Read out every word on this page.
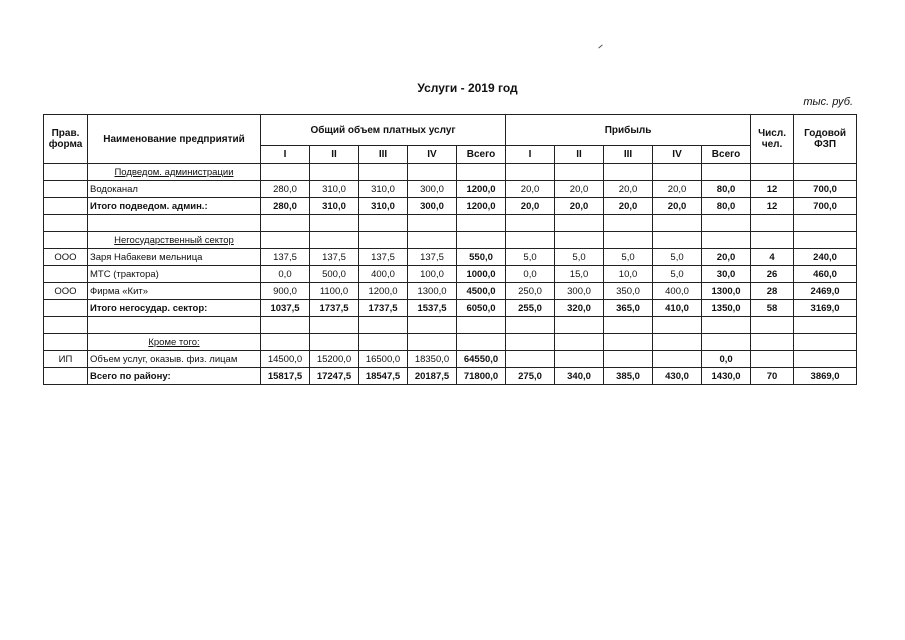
Услуги - 2019 год
тыс. руб.
Прав. форма	Наименование предприятий	Общий объем платных услуг					Прибыль					Числ. чел.	Годовой ФЗП
		I	II	III	IV	Всего	I	II	III	IV	Всего		
	Подведом. администрации												
	Водоканал	280,0	310,0	310,0	300,0	1200,0	20,0	20,0	20,0	20,0	80,0	12	700,0
	Итого подведом. админ.:	280,0	310,0	310,0	300,0	1200,0	20,0	20,0	20,0	20,0	80,0	12	700,0

	Негосударственный сектор												
ООО	Заря Набакеви мельница	137,5	137,5	137,5	137,5	550,0	5,0	5,0	5,0	5,0	20,0	4	240,0
	МТС (трактора)	0,0	500,0	400,0	100,0	1000,0	0,0	15,0	10,0	5,0	30,0	26	460,0
ООО	Фирма «Кит»	900,0	1100,0	1200,0	1300,0	4500,0	250,0	300,0	350,0	400,0	1300,0	28	2469,0
	Итого негосудар. сектор:	1037,5	1737,5	1737,5	1537,5	6050,0	255,0	320,0	365,0	410,0	1350,0	58	3169,0

	Кроме того:												
ИП	Объем услуг, оказыв. физ. лицам	14500,0	15200,0	16500,0	18350,0	64550,0					0,0		
	Всего по району:	15817,5	17247,5	18547,5	20187,5	71800,0	275,0	340,0	385,0	430,0	1430,0	70	3869,0
